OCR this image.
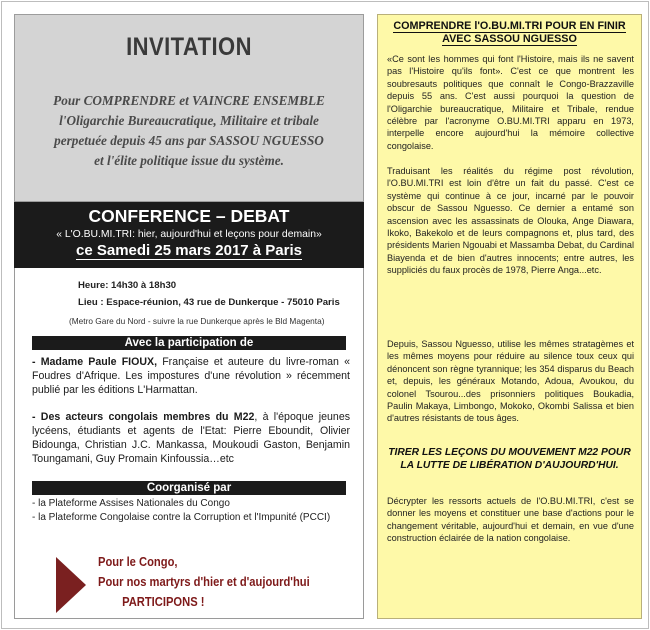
INVITATION
Pour COMPRENDRE et VAINCRE ENSEMBLE
l'Oligarchie Bureaucratique, Militaire et tribale
perpetuée depuis 45 ans par SASSOU NGUESSO
et l'élite politique issue du système.
CONFERENCE – DEBAT
« L'O.BU.MI.TRI: hier, aujourd'hui et leçons pour demain»
ce Samedi 25 mars 2017 à Paris
Heure: 14h30 à 18h30
Lieu : Espace-réunion, 43 rue de Dunkerque - 75010 Paris
(Metro Gare du Nord - suivre la rue Dunkerque après le Bld Magenta)
Avec la participation de
- Madame Paule FIOUX, Française et auteure du livre-roman « Foudres d'Afrique. Les impostures d'une révolution » récemment publié par les éditions L'Harmattan.
- Des acteurs congolais membres du M22, à l'époque jeunes lycéens, étudiants et agents de l'Etat: Pierre Eboundit, Olivier Bidounga, Christian J.C. Mankassa, Moukoudi Gaston, Benjamin Toungamani, Guy Promain Kinfoussia…etc
Coorganisé par
- la Plateforme Assises Nationales du Congo
- la Plateforme Congolaise contre la Corruption et l'Impunité (PCCI)
Pour le Congo,
Pour nos martyrs d'hier et d'aujourd'hui
PARTICIPONS !
COMPRENDRE l'O.BU.MI.TRI POUR EN FINIR AVEC SASSOU NGUESSO
«Ce sont les hommes qui font l'Histoire, mais ils ne savent pas l'Histoire qu'ils font». C'est ce que montrent les soubresauts politiques que connaît le Congo-Brazzaville depuis 55 ans. C'est aussi pourquoi la question de l'Oligarchie bureaucratique, Militaire et Tribale, rendue célèbre par l'acronyme O.BU.MI.TRI apparu en 1973, interpelle encore aujourd'hui la mémoire collective congolaise.
Traduisant les réalités du régime post révolution, l'O.BU.MI.TRI est loin d'être un fait du passé. C'est ce système qui continue à ce jour, incarné par le pouvoir obscur de Sassou Nguesso. Ce dernier a entamé son ascension avec les assassinats de Olouka, Ange Diawara, Ikoko, Bakekolo et de leurs compagnons et, plus tard, des présidents Marien Ngouabi et Massamba Debat, du Cardinal Biayenda et de bien d'autres innocents; entre autres, les suppliciés du faux procès de 1978, Pierre Anga...etc.
Depuis, Sassou Nguesso, utilise les mêmes stratagèmes et les mêmes moyens pour réduire au silence toux ceux qui dénoncent son règne tyrannique; les 354 disparus du Beach et, depuis, les généraux Motando, Adoua, Avoukou, du colonel Tsourou...des prisonniers politiques Boukadia, Paulin Makaya, Limbongo, Mokoko, Okombi Salissa et bien d'autres résistants de tous âges.
TIRER LES LEÇONS DU MOUVEMENT M22 POUR LA LUTTE DE LIBÉRATION D'AUJOURD'HUI.
Décrypter les ressorts actuels de l'O.BU.MI.TRI, c'est se donner les moyens et constituer une base d'actions pour le changement véritable, aujourd'hui et demain, en vue d'une construction éclairée de la nation congolaise.
